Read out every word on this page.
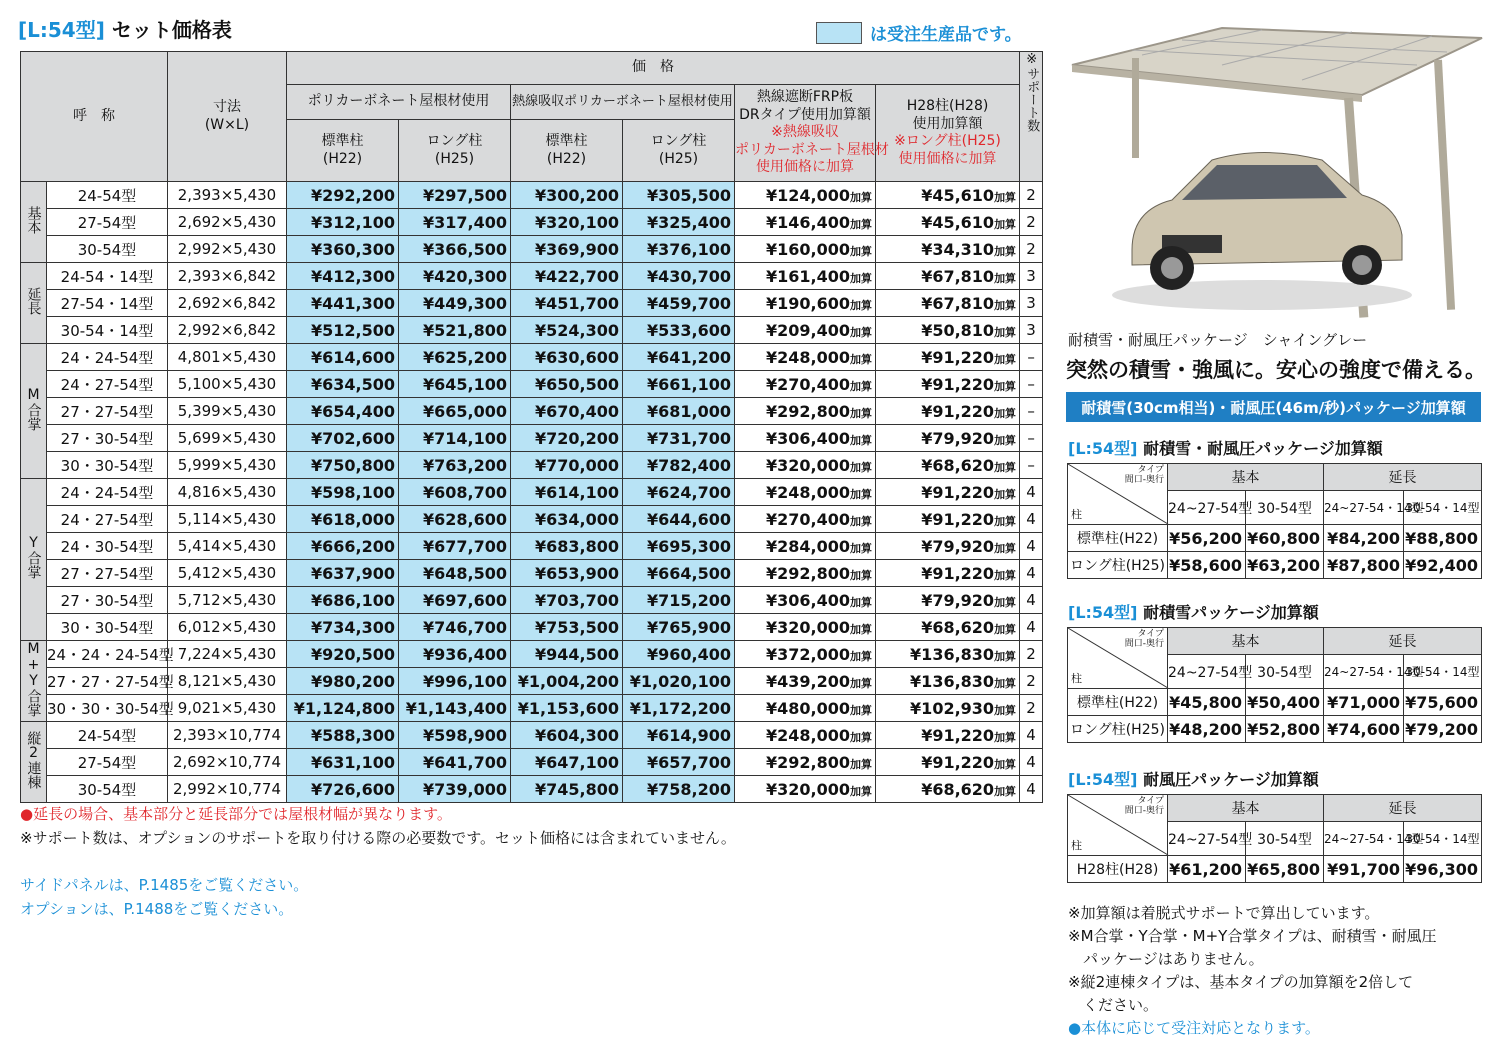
[L:54型] セット価格表	は受注生産品です。
呼　称		寸法
(W×L)	価　格						※サポート数
			ポリカーボネート屋根材使用		熱線吸収ポリカーボネート屋根材使用		熱線遮断FRP板
DRタイプ使用加算額
※熱線吸収
ポリカーボネート屋根材
使用価格に加算	H28柱(H28)
使用加算額
※ロング柱(H25)
使用価格に加算	
			標準柱
(H22)	ロング柱
(H25)	標準柱
(H22)	ロング柱
(H25)			
基本	24-54型	2,393×5,430	¥292,200	¥297,500	¥300,200	¥305,500	¥124,000加算	¥45,610加算	2
	27-54型	2,692×5,430	¥312,100	¥317,400	¥320,100	¥325,400	¥146,400加算	¥45,610加算	2
	30-54型	2,992×5,430	¥360,300	¥366,500	¥369,900	¥376,100	¥160,000加算	¥34,310加算	2
延長	24-54・14型	2,393×6,842	¥412,300	¥420,300	¥422,700	¥430,700	¥161,400加算	¥67,810加算	3
	27-54・14型	2,692×6,842	¥441,300	¥449,300	¥451,700	¥459,700	¥190,600加算	¥67,810加算	3
	30-54・14型	2,992×6,842	¥512,500	¥521,800	¥524,300	¥533,600	¥209,400加算	¥50,810加算	3
M合掌	24・24-54型	4,801×5,430	¥614,600	¥625,200	¥630,600	¥641,200	¥248,000加算	¥91,220加算	–
	24・27-54型	5,100×5,430	¥634,500	¥645,100	¥650,500	¥661,100	¥270,400加算	¥91,220加算	–
	27・27-54型	5,399×5,430	¥654,400	¥665,000	¥670,400	¥681,000	¥292,800加算	¥91,220加算	–
	27・30-54型	5,699×5,430	¥702,600	¥714,100	¥720,200	¥731,700	¥306,400加算	¥79,920加算	–
	30・30-54型	5,999×5,430	¥750,800	¥763,200	¥770,000	¥782,400	¥320,000加算	¥68,620加算	–
Y合掌	24・24-54型	4,816×5,430	¥598,100	¥608,700	¥614,100	¥624,700	¥248,000加算	¥91,220加算	4
	24・27-54型	5,114×5,430	¥618,000	¥628,600	¥634,000	¥644,600	¥270,400加算	¥91,220加算	4
	24・30-54型	5,414×5,430	¥666,200	¥677,700	¥683,800	¥695,300	¥284,000加算	¥79,920加算	4
	27・27-54型	5,412×5,430	¥637,900	¥648,500	¥653,900	¥664,500	¥292,800加算	¥91,220加算	4
	27・30-54型	5,712×5,430	¥686,100	¥697,600	¥703,700	¥715,200	¥306,400加算	¥79,920加算	4
	30・30-54型	6,012×5,430	¥734,300	¥746,700	¥753,500	¥765,900	¥320,000加算	¥68,620加算	4
M+Y合掌	24・24・24-54型	7,224×5,430	¥920,500	¥936,400	¥944,500	¥960,400	¥372,000加算	¥136,830加算	2
	27・27・27-54型	8,121×5,430	¥980,200	¥996,100	¥1,004,200	¥1,020,100	¥439,200加算	¥136,830加算	2
	30・30・30-54型	9,021×5,430	¥1,124,800	¥1,143,400	¥1,153,600	¥1,172,200	¥480,000加算	¥102,930加算	2
縦2連棟	24-54型	2,393×10,774	¥588,300	¥598,900	¥604,300	¥614,900	¥248,000加算	¥91,220加算	4
	27-54型	2,692×10,774	¥631,100	¥641,700	¥647,100	¥657,700	¥292,800加算	¥91,220加算	4
	30-54型	2,992×10,774	¥726,600	¥739,000	¥745,800	¥758,200	¥320,000加算	¥68,620加算	4
●延長の場合、基本部分と延長部分では屋根材幅が異なります。
※サポート数は、オプションのサポートを取り付ける際の必要数です。セット価格には含まれていません。
サイドパネルは、P.1485をご覧ください。
オプションは、P.1488をご覧ください。
耐積雪・耐風圧パッケージ　シャイングレー
突然の積雪・強風に。安心の強度で備える。
耐積雪(30cm相当)・耐風圧(46m/秒)パッケージ加算額
[L:54型] 耐積雪・耐風圧パッケージ加算額
タイプ
間口-奥行
柱	基本		延長	
	24~27-54型	30-54型	24~27-54・14型	30-54・14型
標準柱(H22)	¥56,200	¥60,800	¥84,200	¥88,800
ロング柱(H25)	¥58,600	¥63,200	¥87,800	¥92,400
[L:54型] 耐積雪パッケージ加算額
タイプ
間口-奥行
柱	基本		延長	
	24~27-54型	30-54型	24~27-54・14型	30-54・14型
標準柱(H22)	¥45,800	¥50,400	¥71,000	¥75,600
ロング柱(H25)	¥48,200	¥52,800	¥74,600	¥79,200
[L:54型] 耐風圧パッケージ加算額
タイプ
間口-奥行
柱	基本		延長	
	24~27-54型	30-54型	24~27-54・14型	30-54・14型
H28柱(H28)	¥61,200	¥65,800	¥91,700	¥96,300
※加算額は着脱式サポートで算出しています。
※M合掌・Y合掌・M+Y合掌タイプは、耐積雪・耐風圧
　パッケージはありません。
※縦2連棟タイプは、基本タイプの加算額を2倍して
　ください。
●本体に応じて受注対応となります。
